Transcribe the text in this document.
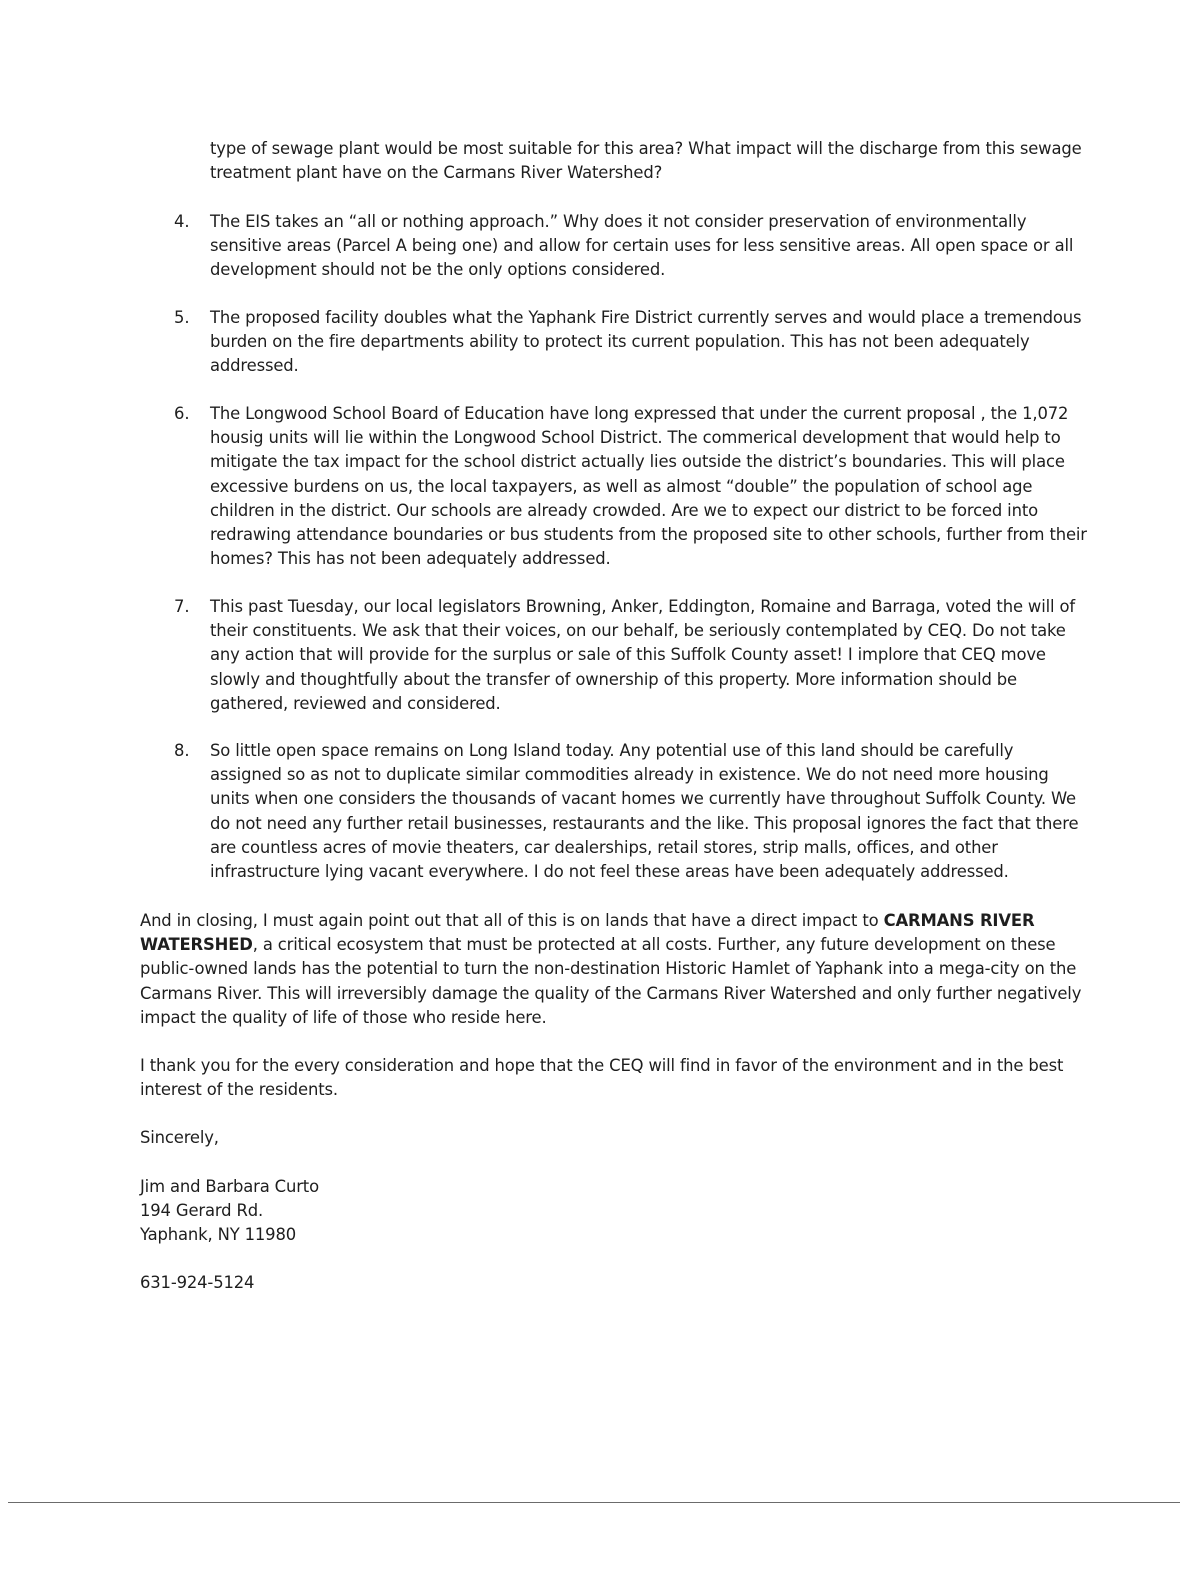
type of sewage plant would be most suitable for this area? What impact will the discharge from this sewage treatment plant have on the Carmans River Watershed?

4. The EIS takes an “all or nothing approach.” Why does it not consider preservation of environmentally sensitive areas (Parcel A being one) and allow for certain uses for less sensitive areas. All open space or all development should not be the only options considered.

5. The proposed facility doubles what the Yaphank Fire District currently serves and would place a tremendous burden on the fire departments ability to protect its current population. This has not been adequately addressed.

6. The Longwood School Board of Education have long expressed that under the current proposal , the 1,072 housig units will lie within the Longwood School District. The commerical development that would help to mitigate the tax impact for the school district actually lies outside the district’s boundaries. This will place excessive burdens on us, the local taxpayers, as well as almost “double” the population of school age children in the district. Our schools are already crowded. Are we to expect our district to be forced into redrawing attendance boundaries or bus students from the proposed site to other schools, further from their homes? This has not been adequately addressed.

7. This past Tuesday, our local legislators Browning, Anker, Eddington, Romaine and Barraga, voted the will of their constituents. We ask that their voices, on our behalf, be seriously contemplated by CEQ. Do not take any action that will provide for the surplus or sale of this Suffolk County asset! I implore that CEQ move slowly and thoughtfully about the transfer of ownership of this property. More information should be gathered, reviewed and considered.

8. So little open space remains on Long Island today. Any potential use of this land should be carefully assigned so as not to duplicate similar commodities already in existence. We do not need more housing units when one considers the thousands of vacant homes we currently have throughout Suffolk County. We do not need any further retail businesses, restaurants and the like. This proposal ignores the fact that there are countless acres of movie theaters, car dealerships, retail stores, strip malls, offices, and other infrastructure lying vacant everywhere. I do not feel these areas have been adequately addressed.

And in closing, I must again point out that all of this is on lands that have a direct impact to CARMANS RIVER WATERSHED, a critical ecosystem that must be protected at all costs. Further, any future development on these public-owned lands has the potential to turn the non-destination Historic Hamlet of Yaphank into a mega-city on the Carmans River. This will irreversibly damage the quality of the Carmans River Watershed and only further negatively impact the quality of life of those who reside here.

I thank you for the every consideration and hope that the CEQ will find in favor of the environment and in the best interest of the residents.

Sincerely,

Jim and Barbara Curto

194 Gerard Rd.

Yaphank, NY 11980

631-924-5124
